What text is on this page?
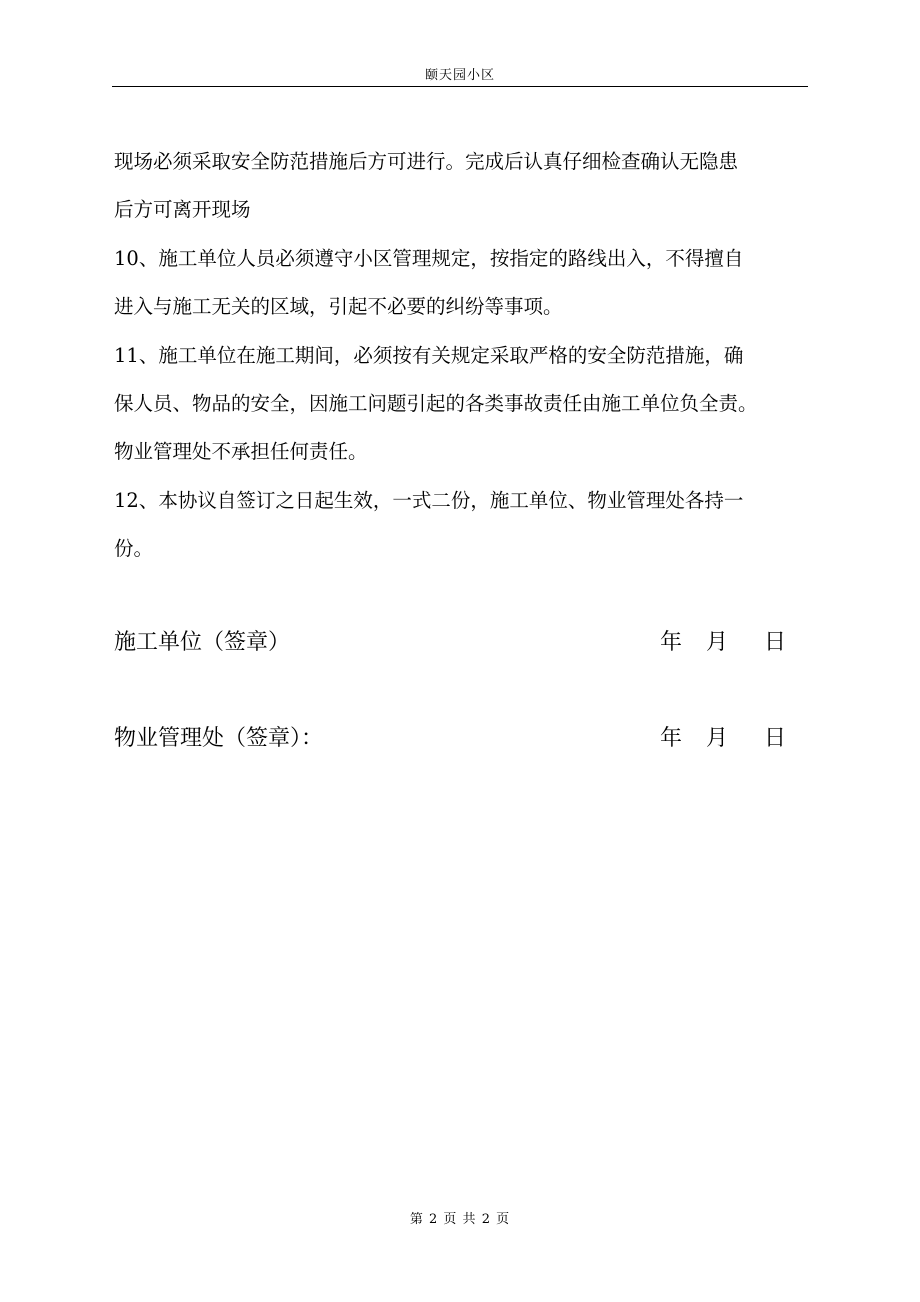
颐天园小区
现场必须采取安全防范措施后方可进行。完成后认真仔细检查确认无隐患
后方可离开现场
10、施工单位人员必须遵守小区管理规定，按指定的路线出入，不得擅自
进入与施工无关的区域，引起不必要的纠纷等事项。
11、施工单位在施工期间，必须按有关规定采取严格的安全防范措施，确
保人员、物品的安全，因施工问题引起的各类事故责任由施工单位负全责。
物业管理处不承担任何责任。
12、本协议自签订之日起生效，一式二份，施工单位、物业管理处各持一
份。
施工单位（签章）	年 月 日
物业管理处（签章）：	年 月 日
第 2 页 共 2 页
